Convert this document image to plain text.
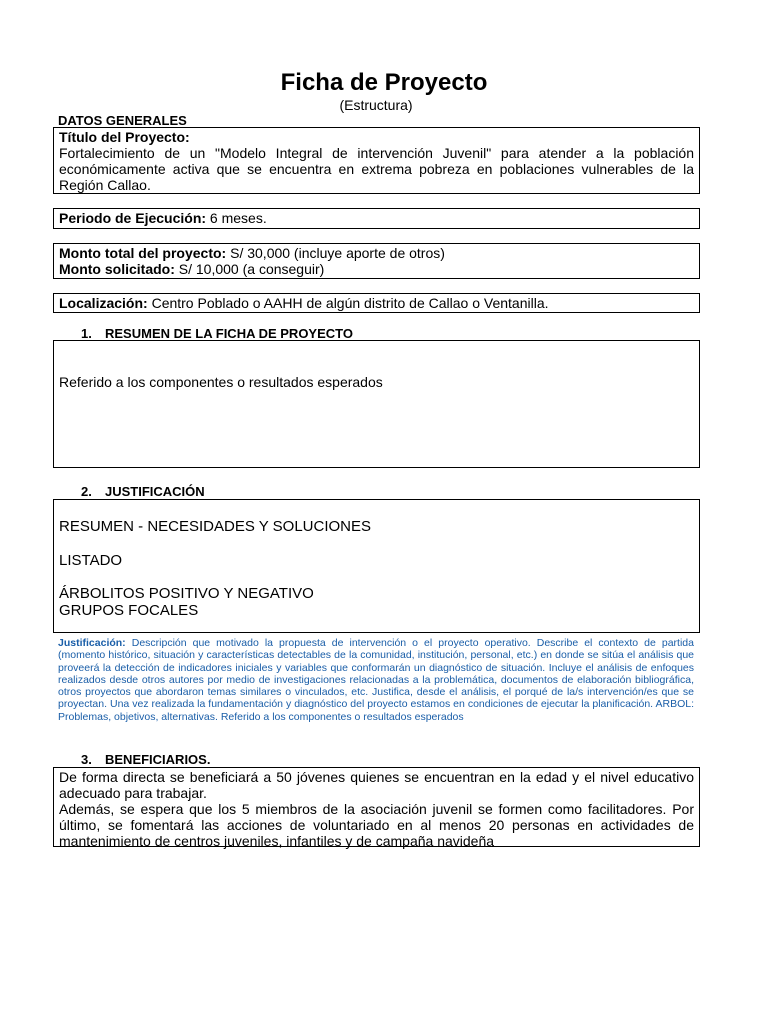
Ficha de Proyecto
(Estructura)
DATOS GENERALES
Título del Proyecto:
Fortalecimiento de un "Modelo Integral de intervención Juvenil" para atender a la población económicamente activa que se encuentra en extrema pobreza en poblaciones vulnerables de la Región Callao.
Periodo de Ejecución: 6 meses.
Monto total del proyecto: S/ 30,000 (incluye aporte de otros)
Monto solicitado: S/ 10,000 (a conseguir)
Localización: Centro Poblado o AAHH de algún distrito de Callao o Ventanilla.
1. RESUMEN DE LA FICHA DE PROYECTO
Referido a los componentes o resultados esperados
2. JUSTIFICACIÓN
RESUMEN - NECESIDADES Y SOLUCIONES
LISTADO
ÁRBOLITOS POSITIVO Y NEGATIVO
GRUPOS FOCALES
Justificación: Descripción que motivado la propuesta de intervención o el proyecto operativo. Describe el contexto de partida (momento histórico, situación y características detectables de la comunidad, institución, personal, etc.) en donde se sitúa el análisis que proveerá la detección de indicadores iniciales y variables que conformarán un diagnóstico de situación. Incluye el análisis de enfoques realizados desde otros autores por medio de investigaciones relacionadas a la problemática, documentos de elaboración bibliográfica, otros proyectos que abordaron temas similares o vinculados, etc. Justifica, desde el análisis, el porqué de la/s intervención/es que se proyectan. Una vez realizada la fundamentación y diagnóstico del proyecto estamos en condiciones de ejecutar la planificación. ARBOL: Problemas, objetivos, alternativas. Referido a los componentes o resultados esperados
3. BENEFICIARIOS.
De forma directa se beneficiará a 50 jóvenes quienes se encuentran en la edad y el nivel educativo adecuado para trabajar.
Además, se espera que los 5 miembros de la asociación juvenil se formen como facilitadores. Por último, se fomentará las acciones de voluntariado en al menos 20 personas en actividades de mantenimiento de centros juveniles, infantiles y de campaña navideña
